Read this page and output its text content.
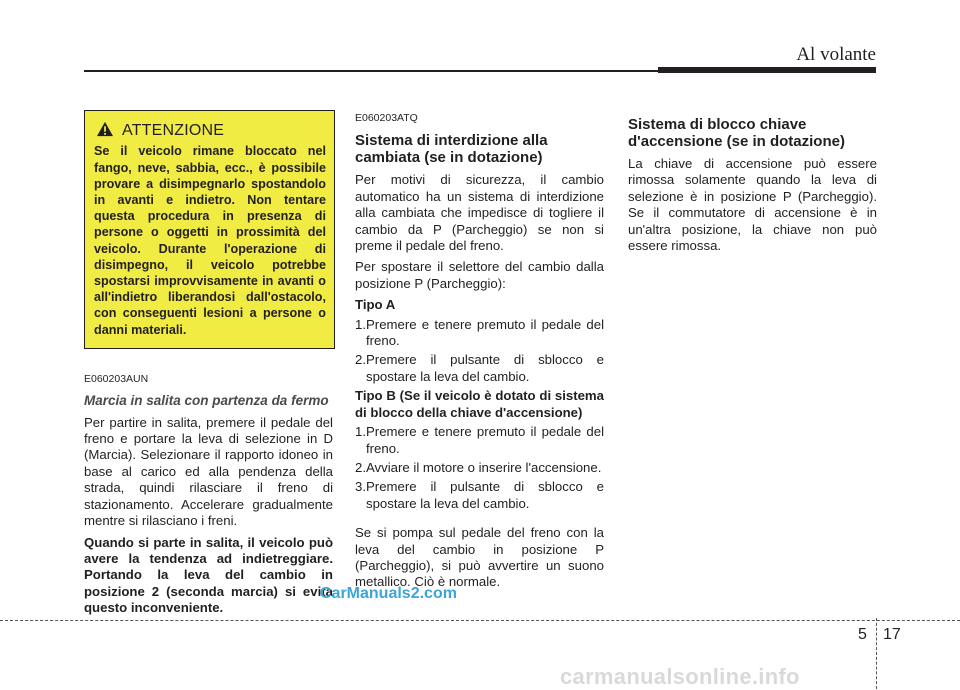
Al volante
ATTENZIONE
Se il veicolo rimane bloccato nel fango, neve, sabbia, ecc., è possibile provare a disimpegnarlo spostandolo in avanti e indietro. Non tentare questa procedura in presenza di persone o oggetti in prossimità del veicolo. Durante l'operazione di disimpegno, il veicolo potrebbe spostarsi improvvisamente in avanti o all'indietro liberandosi dall'ostacolo, con conseguenti lesioni a persone o danni materiali.
E060203AUN
Marcia in salita con partenza da fermo
Per partire in salita, premere il pedale del freno e portare la leva di selezione in D (Marcia). Selezionare il rapporto idoneo in base al carico ed alla pendenza della strada, quindi rilasciare il freno di stazionamento. Accelerare gradualmente mentre si rilasciano i freni.
Quando si parte in salita, il veicolo può avere la tendenza ad indietreggiare. Portando la leva del cambio in posizione 2 (seconda marcia) si evita questo inconveniente.
E060203ATQ
Sistema di interdizione alla cambiata (se in dotazione)
Per motivi di sicurezza, il cambio automatico ha un sistema di interdizione alla cambiata che impedisce di togliere il cambio da P (Parcheggio) se non si preme il pedale del freno.
Per spostare il selettore del cambio dalla posizione P (Parcheggio):
Tipo A
1. Premere e tenere premuto il pedale del freno.
2. Premere il pulsante di sblocco e spostare la leva del cambio.
Tipo B (Se il veicolo è dotato di sistema di blocco della chiave d'accensione)
1. Premere e tenere premuto il pedale del freno.
2. Avviare il motore o inserire l'accensione.
3. Premere il pulsante di sblocco e spostare la leva del cambio.
Se si pompa sul pedale del freno con la leva del cambio in posizione P (Parcheggio), si può avvertire un suono metallico. Ciò è normale.
Sistema di blocco chiave d'accensione (se in dotazione)
La chiave di accensione può essere rimossa solamente quando la leva di selezione è in posizione P (Parcheggio). Se il commutatore di accensione è in un'altra posizione, la chiave non può essere rimossa.
CarManuals2.com
5 17
carmanualsonline.info
